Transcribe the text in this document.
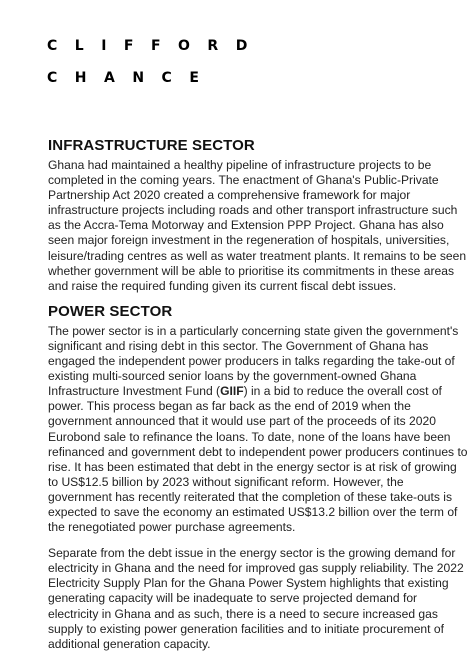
CLIFFORD
CHANCE
INFRASTRUCTURE SECTOR

Ghana had maintained a healthy pipeline of infrastructure projects to be completed in the coming years. The enactment of Ghana's Public-Private Partnership Act 2020 created a comprehensive framework for major infrastructure projects including roads and other transport infrastructure such as the Accra-Tema Motorway and Extension PPP Project. Ghana has also seen major foreign investment in the regeneration of hospitals, universities, leisure/trading centres as well as water treatment plants. It remains to be seen whether government will be able to prioritise its commitments in these areas and raise the required funding given its current fiscal debt issues.

POWER SECTOR

The power sector is in a particularly concerning state given the government's significant and rising debt in this sector. The Government of Ghana has engaged the independent power producers in talks regarding the take-out of existing multi-sourced senior loans by the government-owned Ghana Infrastructure Investment Fund (GIIF) in a bid to reduce the overall cost of power. This process began as far back as the end of 2019 when the government announced that it would use part of the proceeds of its 2020 Eurobond sale to refinance the loans. To date, none of the loans have been refinanced and government debt to independent power producers continues to rise. It has been estimated that debt in the energy sector is at risk of growing to US$12.5 billion by 2023 without significant reform. However, the government has recently reiterated that the completion of these take-outs is expected to save the economy an estimated US$13.2 billion over the term of the renegotiated power purchase agreements.

Separate from the debt issue in the energy sector is the growing demand for electricity in Ghana and the need for improved gas supply reliability. The 2022 Electricity Supply Plan for the Ghana Power System highlights that existing generating capacity will be inadequate to serve projected demand for electricity in Ghana and as such, there is a need to secure increased gas supply to existing power generation facilities and to initiate procurement of additional generation capacity.
